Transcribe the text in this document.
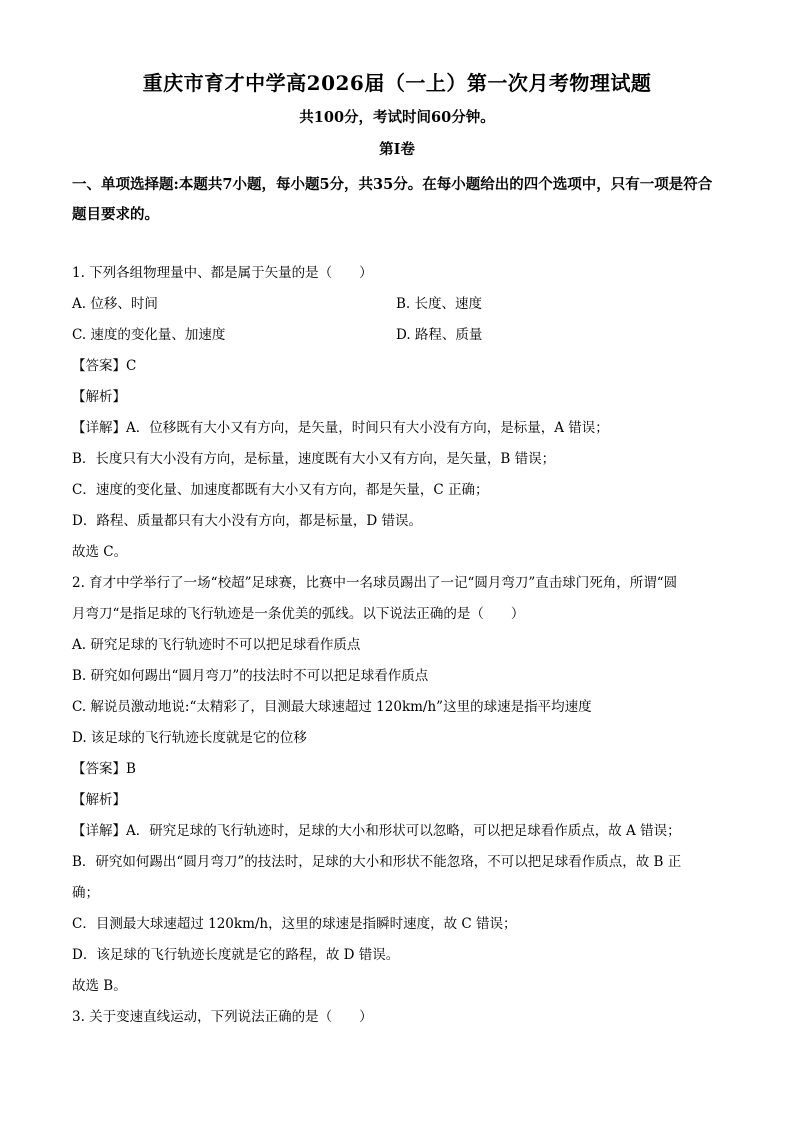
重庆市育才中学高2026届（一上）第一次月考物理试题
共100分，考试时间60分钟。
第Ⅰ卷
一、单项选择题:本题共7小题，每小题5分，共35分。在每小题给出的四个选项中，只有一项是符合题目要求的。
1. 下列各组物理量中、都是属于矢量的是（　　）
A. 位移、时间	B. 长度、速度
C. 速度的变化量、加速度	D. 路程、质量
【答案】C
【解析】
【详解】A．位移既有大小又有方向，是矢量，时间只有大小没有方向，是标量，A 错误；
B．长度只有大小没有方向，是标量，速度既有大小又有方向，是矢量，B 错误；
C．速度的变化量、加速度都既有大小又有方向，都是矢量，C 正确；
D．路程、质量都只有大小没有方向，都是标量，D 错误。
故选 C。
2. 育才中学举行了一场“校超”足球赛，比赛中一名球员踢出了一记“圆月弯刀”直击球门死角，所谓“圆
月弯刀“是指足球的飞行轨迹是一条优美的弧线。以下说法正确的是（　　）
A. 研究足球的飞行轨迹时不可以把足球看作质点
B. 研究如何踢出“圆月弯刀”的技法时不可以把足球看作质点
C. 解说员激动地说:“太精彩了，目测最大球速超过 120km/h”这里的球速是指平均速度
D. 该足球的飞行轨迹长度就是它的位移
【答案】B
【解析】
【详解】A．研究足球的飞行轨迹时，足球的大小和形状可以忽略，可以把足球看作质点，故 A 错误；
B．研究如何踢出“圆月弯刀”的技法时，足球的大小和形状不能忽珞，不可以把足球看作质点，故 B 正
确；
C．目测最大球速超过 120km/h，这里的球速是指瞬时速度，故 C 错误；
D．该足球的飞行轨迹长度就是它的路程，故 D 错误。
故选 B。
3. 关于变速直线运动，下列说法正确的是（　　）
